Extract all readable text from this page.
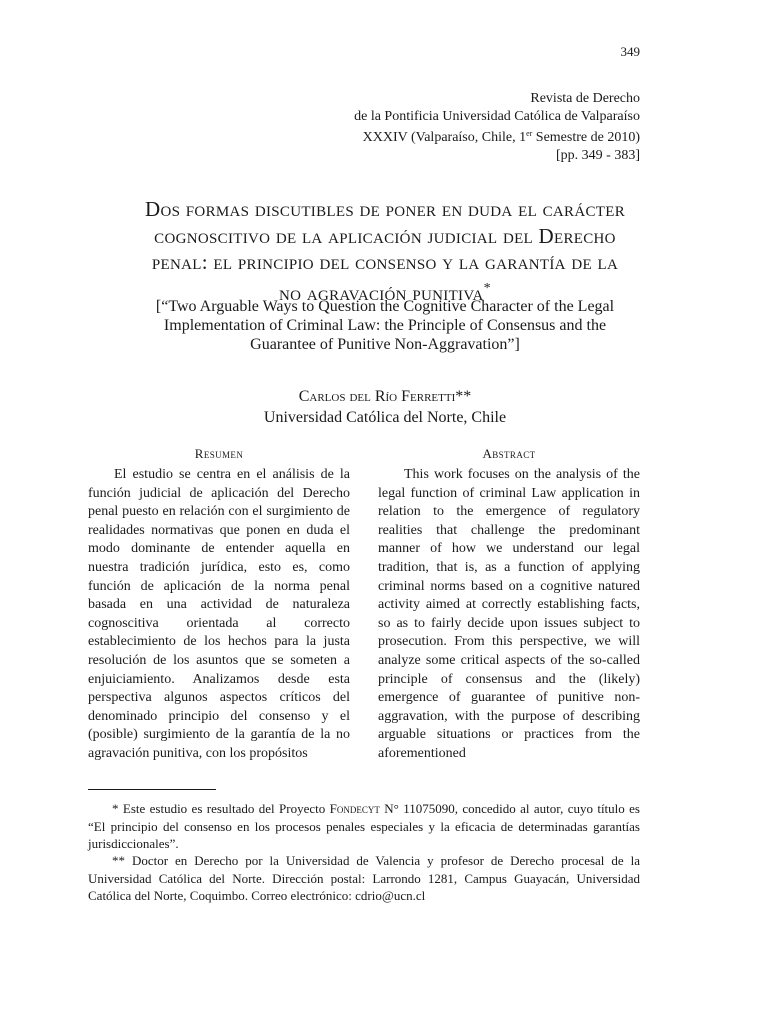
349
Revista de Derecho
de la Pontificia Universidad Católica de Valparaíso
XXXIV (Valparaíso, Chile, 1er Semestre de 2010)
[pp. 349 - 383]
Dos formas discutibles de poner en duda el carácter
cognoscitivo de la aplicación judicial del Derecho
penal: el principio del consenso y la garantía de la
no agravación punitiva*
[“Two Arguable Ways to Question the Cognitive Character of the Legal
Implementation of Criminal Law: the Principle of Consensus and the
Guarantee of Punitive Non-Aggravation”]
Carlos del Río Ferretti**
Universidad Católica del Norte, Chile
Resumen

El estudio se centra en el análisis de la función judicial de aplicación del Derecho penal puesto en relación con el surgimiento de realidades normativas que ponen en duda el modo dominante de entender aquella en nuestra tradición jurídica, esto es, como función de aplicación de la norma penal basada en una actividad de naturaleza cognoscitiva orientada al correcto establecimiento de los hechos para la justa resolución de los asuntos que se someten a enjuiciamiento. Analizamos desde esta perspectiva algunos aspectos críticos del denominado principio del consenso y el (posible) surgimiento de la garantía de la no agravación punitiva, con los propósitos

Abstract

This work focuses on the analysis of the legal function of criminal Law application in relation to the emergence of regulatory realities that challenge the predominant manner of how we understand our legal tradition, that is, as a function of applying criminal norms based on a cognitive natured activity aimed at correctly establishing facts, so as to fairly decide upon issues subject to prosecution. From this perspective, we will analyze some critical aspects of the so-called principle of consensus and the (likely) emergence of guarantee of punitive non-aggravation, with the purpose of describing arguable situations or practices from the aforementioned

* Este estudio es resultado del Proyecto Fondecyt N° 11075090, concedido al autor, cuyo título es “El principio del consenso en los procesos penales especiales y la eficacia de determinadas garantías jurisdiccionales”.

** Doctor en Derecho por la Universidad de Valencia y profesor de Derecho procesal de la Universidad Católica del Norte. Dirección postal: Larrondo 1281, Campus Guayacán, Universidad Católica del Norte, Coquimbo. Correo electrónico: cdrio@ucn.cl
